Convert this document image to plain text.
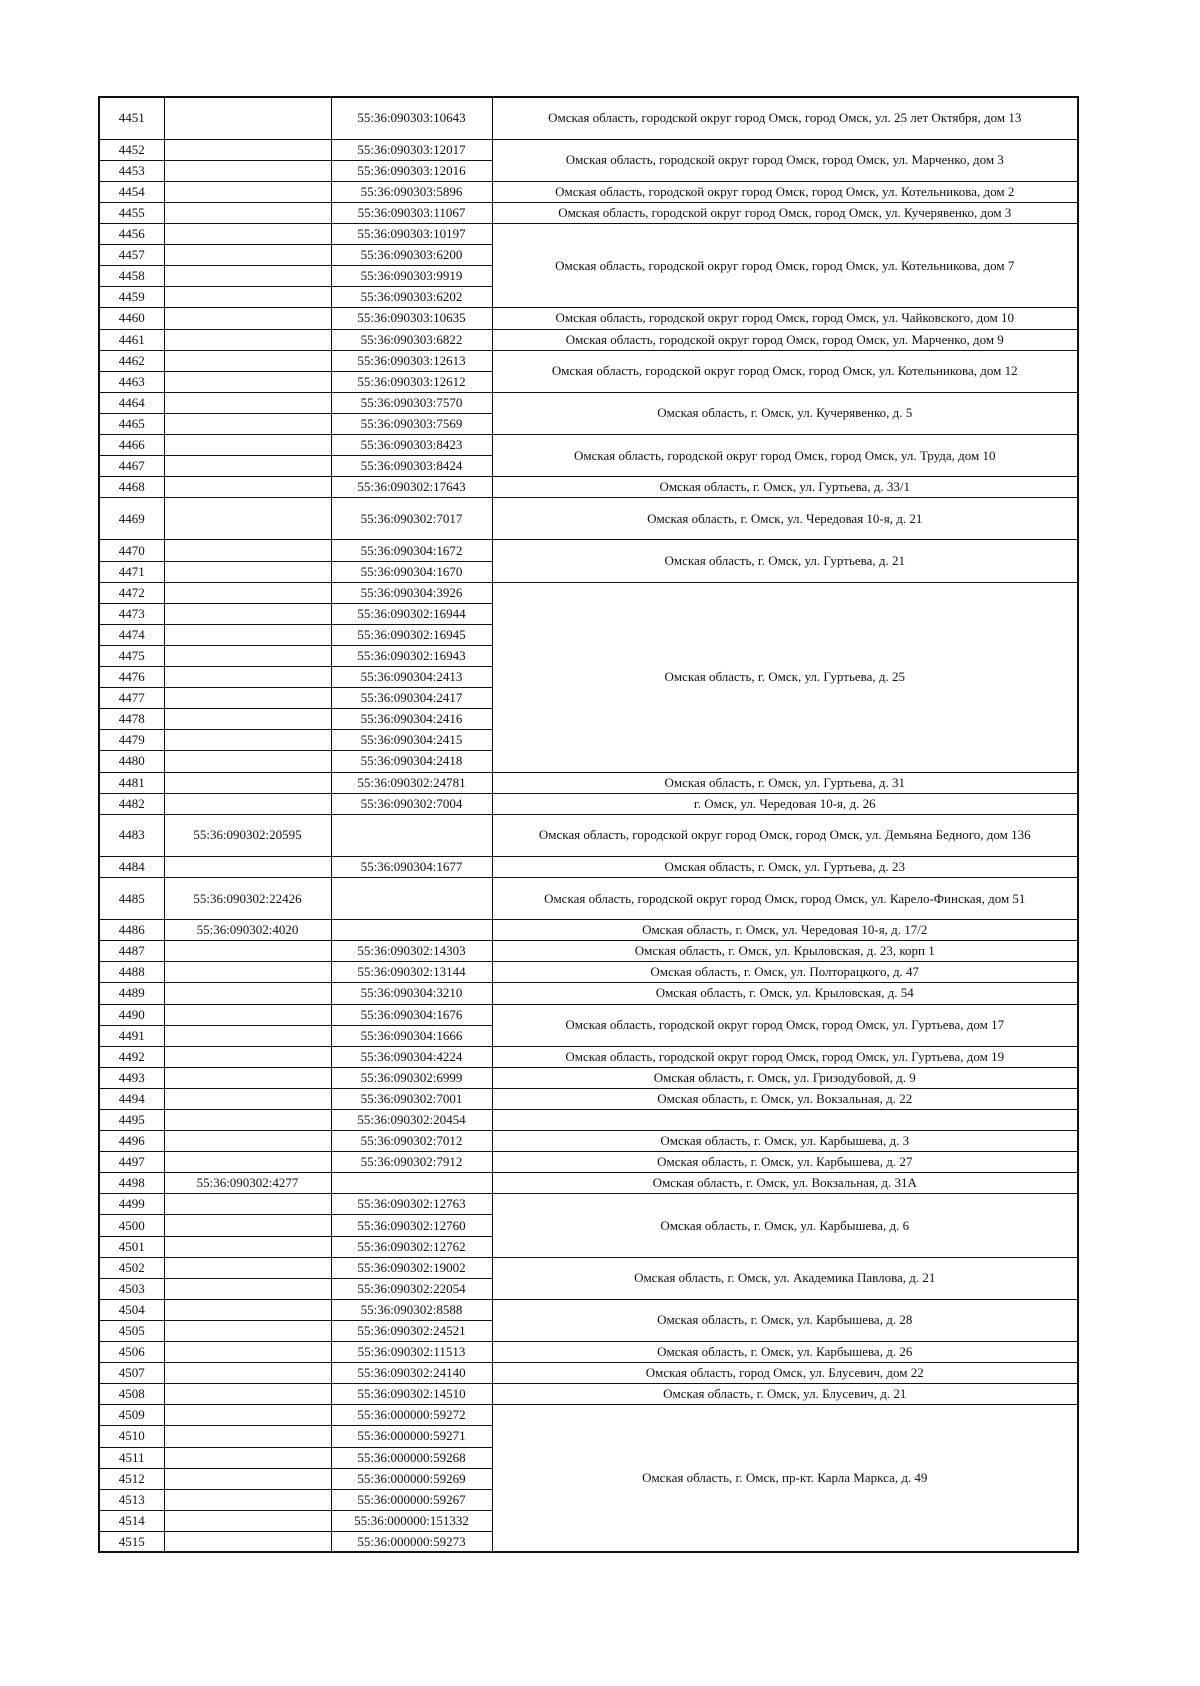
4451		55:36:090303:10643	Омская область, городской округ город Омск, город Омск, ул. 25 лет Октября, дом 13
4452		55:36:090303:12017	Омская область, городской округ город Омск, город Омск, ул. Марченко, дом 3
4453		55:36:090303:12016	
4454		55:36:090303:5896	Омская область, городской округ город Омск, город Омск, ул. Котельникова, дом 2
4455		55:36:090303:11067	Омская область, городской округ город Омск, город Омск, ул. Кучерявенко, дом 3
4456		55:36:090303:10197	Омская область, городской округ город Омск, город Омск, ул. Котельникова, дом 7
4457		55:36:090303:6200	
4458		55:36:090303:9919	
4459		55:36:090303:6202	
4460		55:36:090303:10635	Омская область, городской округ город Омск, город Омск, ул. Чайковского, дом 10
4461		55:36:090303:6822	Омская область, городской округ город Омск, город Омск, ул. Марченко, дом 9
4462		55:36:090303:12613	Омская область, городской округ город Омск, город Омск, ул. Котельникова, дом 12
4463		55:36:090303:12612	
4464		55:36:090303:7570	Омская область, г. Омск, ул. Кучерявенко, д. 5
4465		55:36:090303:7569	
4466		55:36:090303:8423	Омская область, городской округ город Омск, город Омск, ул. Труда, дом 10
4467		55:36:090303:8424	
4468		55:36:090302:17643	Омская область, г. Омск, ул. Гуртьева, д. 33/1
4469		55:36:090302:7017	Омская область, г. Омск, ул. Чередовая 10-я, д. 21
4470		55:36:090304:1672	Омская область, г. Омск, ул. Гуртьева, д. 21
4471		55:36:090304:1670	
4472		55:36:090304:3926	Омская область, г. Омск, ул. Гуртьева, д. 25
4473		55:36:090302:16944	
4474		55:36:090302:16945	
4475		55:36:090302:16943	
4476		55:36:090304:2413	
4477		55:36:090304:2417	
4478		55:36:090304:2416	
4479		55:36:090304:2415	
4480		55:36:090304:2418	
4481		55:36:090302:24781	Омская область, г. Омск, ул. Гуртьева, д. 31
4482		55:36:090302:7004	г. Омск, ул. Чередовая 10-я, д. 26
4483	55:36:090302:20595		Омская область, городской округ город Омск, город Омск, ул. Демьяна Бедного, дом 136
4484		55:36:090304:1677	Омская область, г. Омск, ул. Гуртьева, д. 23
4485	55:36:090302:22426		Омская область, городской округ город Омск, город Омск, ул. Карело-Финская, дом 51
4486	55:36:090302:4020		Омская область, г. Омск, ул. Чередовая 10-я, д. 17/2
4487		55:36:090302:14303	Омская область, г. Омск, ул. Крыловская, д. 23, корп 1
4488		55:36:090302:13144	Омская область, г. Омск, ул. Полторацкого, д. 47
4489		55:36:090304:3210	Омская область, г. Омск, ул. Крыловская, д. 54
4490		55:36:090304:1676	Омская область, городской округ город Омск, город Омск, ул. Гуртьева, дом 17
4491		55:36:090304:1666	
4492		55:36:090304:4224	Омская область, городской округ город Омск, город Омск, ул. Гуртьева, дом 19
4493		55:36:090302:6999	Омская область, г. Омск, ул. Гризодубовой, д. 9
4494		55:36:090302:7001	Омская область, г. Омск, ул. Вокзальная, д. 22
4495		55:36:090302:20454	
4496		55:36:090302:7012	Омская область, г. Омск, ул. Карбышева, д. 3
4497		55:36:090302:7912	Омская область, г. Омск, ул. Карбышева, д. 27
4498	55:36:090302:4277		Омская область, г. Омск, ул. Вокзальная, д. 31А
4499		55:36:090302:12763	Омская область, г. Омск, ул. Карбышева, д. 6
4500		55:36:090302:12760	
4501		55:36:090302:12762	
4502		55:36:090302:19002	Омская область, г. Омск, ул. Академика Павлова, д. 21
4503		55:36:090302:22054	
4504		55:36:090302:8588	Омская область, г. Омск, ул. Карбышева, д. 28
4505		55:36:090302:24521	
4506		55:36:090302:11513	Омская область, г. Омск, ул. Карбышева, д. 26
4507		55:36:090302:24140	Омская область, город Омск, ул. Блусевич, дом 22
4508		55:36:090302:14510	Омская область, г. Омск, ул. Блусевич, д. 21
4509		55:36:000000:59272	Омская область, г. Омск, пр-кт. Карла Маркса, д. 49
4510		55:36:000000:59271	
4511		55:36:000000:59268	
4512		55:36:000000:59269	
4513		55:36:000000:59267	
4514		55:36:000000:151332	
4515		55:36:000000:59273	
